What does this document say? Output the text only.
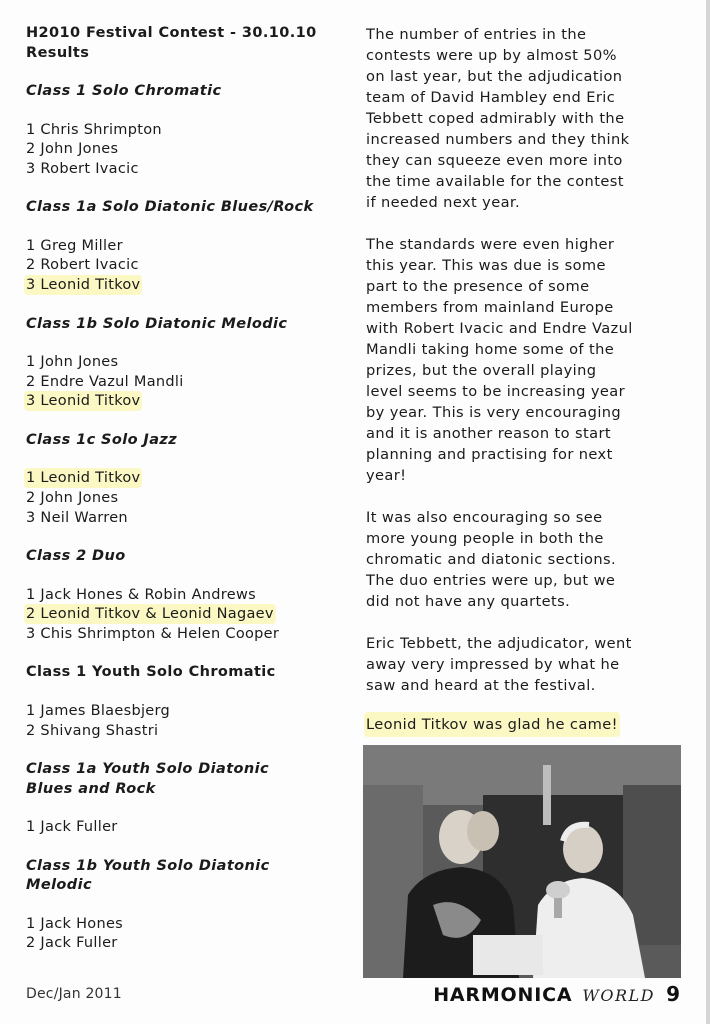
H2010 Festival Contest - 30.10.10
Results

Class 1 Solo Chromatic
1 Chris Shrimpton
2 John Jones
3 Robert Ivacic
Class 1a Solo Diatonic Blues/Rock
1 Greg Miller
2 Robert Ivacic
3 Leonid Titkov
Class 1b Solo Diatonic Melodic
1 John Jones
2 Endre Vazul Mandli
3 Leonid Titkov
Class 1c Solo Jazz
1 Leonid Titkov
2 John Jones
3 Neil Warren
Class 2 Duo
1 Jack Hones & Robin Andrews
2 Leonid Titkov & Leonid Nagaev
3 Chis Shrimpton & Helen Cooper
Class 1 Youth Solo Chromatic
1 James Blaesbjerg
2 Shivang Shastri
Class 1a Youth Solo Diatonic
Blues and Rock
1 Jack Fuller
Class 1b Youth Solo Diatonic
Melodic
1 Jack Hones
2 Jack Fuller

The number of entries in the
contests were up by almost 50%
on last year, but the adjudication
team of David Hambley end Eric
Tebbett coped admirably with the
increased numbers and they think
they can squeeze even more into
the time available for the contest
if needed next year.

The standards were even higher
this year. This was due is some
part to the presence of some
members from mainland Europe
with Robert Ivacic and Endre Vazul
Mandli taking home some of the
prizes, but the overall playing
level seems to be increasing year
by year. This is very encouraging
and it is another reason to start
planning and practising for next
year!

It was also encouraging so see
more young people in both the
chromatic and diatonic sections.
The duo entries were up, but we
did not have any quartets.

Eric Tebbett, the adjudicator, went
away very impressed by what he
saw and heard at the festival.

Leonid Titkov was glad he came!
Dec/Jan 2011	HARMONICA WORLD 9
